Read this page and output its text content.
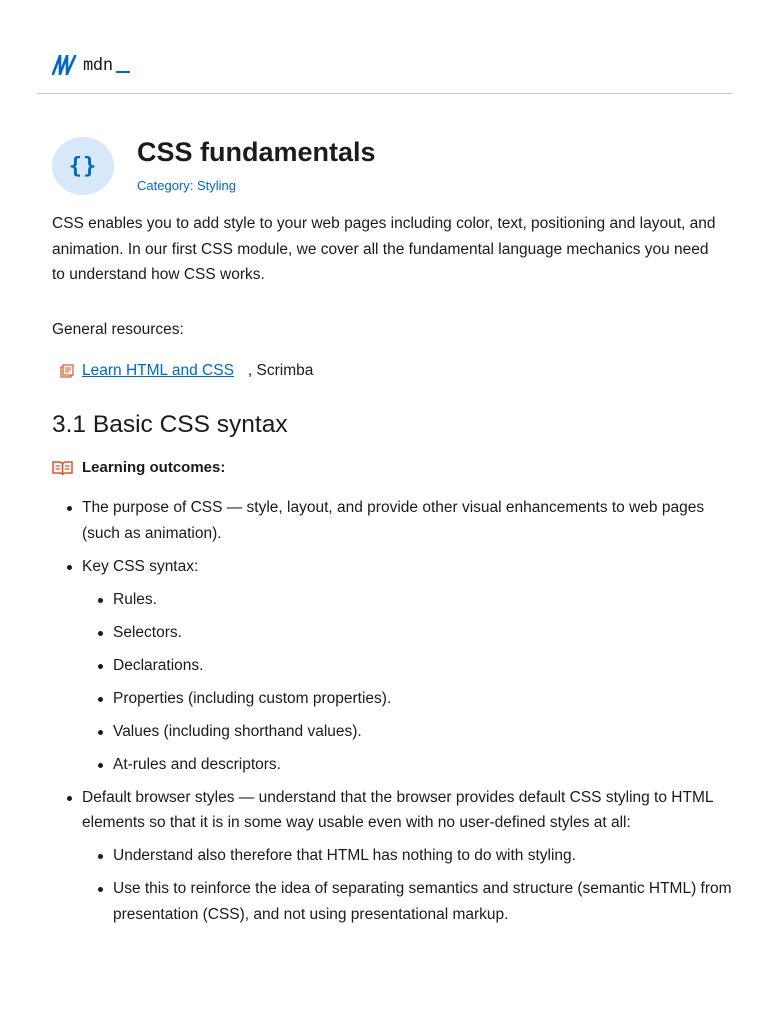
mdn
{} CSS fundamentals
Category: Styling

CSS enables you to add style to your web pages including color, text, positioning and layout, and animation. In our first CSS module, we cover all the fundamental language mechanics you need to understand how CSS works.

General resources:

Learn HTML and CSS , Scrimba
3.1 Basic CSS syntax
Learning outcomes:
The purpose of CSS — style, layout, and provide other visual enhancements to web pages (such as animation).
Key CSS syntax:
Rules.
Selectors.
Declarations.
Properties (including custom properties).
Values (including shorthand values).
At-rules and descriptors.
Default browser styles — understand that the browser provides default CSS styling to HTML elements so that it is in some way usable even with no user-defined styles at all:
Understand also therefore that HTML has nothing to do with styling.
Use this to reinforce the idea of separating semantics and structure (semantic HTML) from presentation (CSS), and not using presentational markup.
